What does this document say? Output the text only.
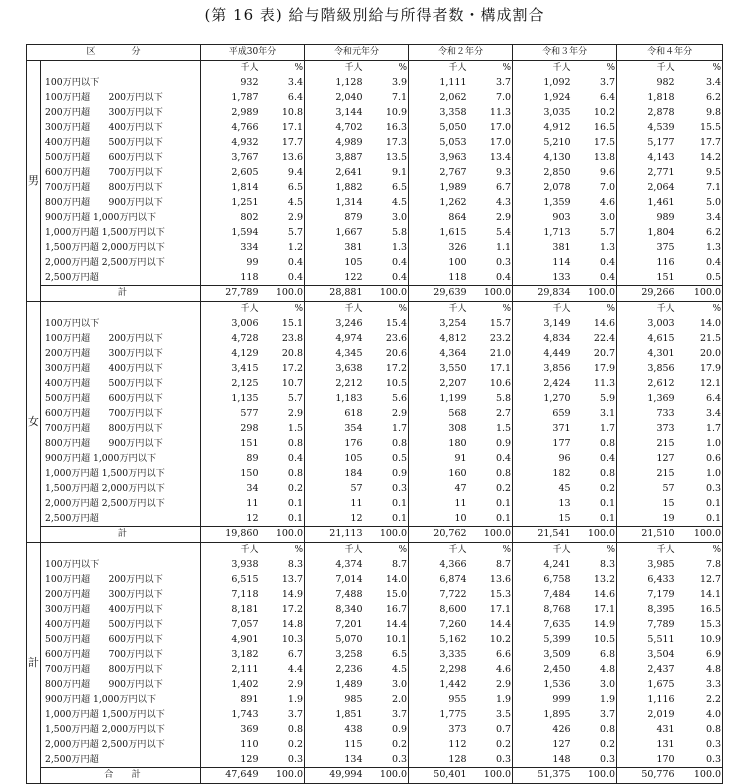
(第 16 表) 給与階級別給与所得者数・構成割合
区　　　　分		平成30年分		令和元年分		令和２年分		令和３年分		令和４年分	
男		千人	%	千人	%	千人	%	千人	%	千人	%
	100万円以下	932	3.4	1,128	3.9	1,111	3.7	1,092	3.7	982	3.4
	100万円超　　200万円以下	1,787	6.4	2,040	7.1	2,062	7.0	1,924	6.4	1,818	6.2
	200万円超　　300万円以下	2,989	10.8	3,144	10.9	3,358	11.3	3,035	10.2	2,878	9.8
	300万円超　　400万円以下	4,766	17.1	4,702	16.3	5,050	17.0	4,912	16.5	4,539	15.5
	400万円超　　500万円以下	4,932	17.7	4,989	17.3	5,053	17.0	5,210	17.5	5,177	17.7
	500万円超　　600万円以下	3,767	13.6	3,887	13.5	3,963	13.4	4,130	13.8	4,143	14.2
	600万円超　　700万円以下	2,605	9.4	2,641	9.1	2,767	9.3	2,850	9.6	2,771	9.5
	700万円超　　800万円以下	1,814	6.5	1,882	6.5	1,989	6.7	2,078	7.0	2,064	7.1
	800万円超　　900万円以下	1,251	4.5	1,314	4.5	1,262	4.3	1,359	4.6	1,461	5.0
	900万円超 1,000万円以下	802	2.9	879	3.0	864	2.9	903	3.0	989	3.4
	1,000万円超 1,500万円以下	1,594	5.7	1,667	5.8	1,615	5.4	1,713	5.7	1,804	6.2
	1,500万円超 2,000万円以下	334	1.2	381	1.3	326	1.1	381	1.3	375	1.3
	2,000万円超 2,500万円以下	99	0.4	105	0.4	100	0.3	114	0.4	116	0.4
	2,500万円超	118	0.4	122	0.4	118	0.4	133	0.4	151	0.5
	計	27,789	100.0	28,881	100.0	29,639	100.0	29,834	100.0	29,266	100.0
女		千人	%	千人	%	千人	%	千人	%	千人	%
	100万円以下	3,006	15.1	3,246	15.4	3,254	15.7	3,149	14.6	3,003	14.0
	100万円超　　200万円以下	4,728	23.8	4,974	23.6	4,812	23.2	4,834	22.4	4,615	21.5
	200万円超　　300万円以下	4,129	20.8	4,345	20.6	4,364	21.0	4,449	20.7	4,301	20.0
	300万円超　　400万円以下	3,415	17.2	3,638	17.2	3,550	17.1	3,856	17.9	3,856	17.9
	400万円超　　500万円以下	2,125	10.7	2,212	10.5	2,207	10.6	2,424	11.3	2,612	12.1
	500万円超　　600万円以下	1,135	5.7	1,183	5.6	1,199	5.8	1,270	5.9	1,369	6.4
	600万円超　　700万円以下	577	2.9	618	2.9	568	2.7	659	3.1	733	3.4
	700万円超　　800万円以下	298	1.5	354	1.7	308	1.5	371	1.7	373	1.7
	800万円超　　900万円以下	151	0.8	176	0.8	180	0.9	177	0.8	215	1.0
	900万円超 1,000万円以下	89	0.4	105	0.5	91	0.4	96	0.4	127	0.6
	1,000万円超 1,500万円以下	150	0.8	184	0.9	160	0.8	182	0.8	215	1.0
	1,500万円超 2,000万円以下	34	0.2	57	0.3	47	0.2	45	0.2	57	0.3
	2,000万円超 2,500万円以下	11	0.1	11	0.1	11	0.1	13	0.1	15	0.1
	2,500万円超	12	0.1	12	0.1	10	0.1	15	0.1	19	0.1
	計	19,860	100.0	21,113	100.0	20,762	100.0	21,541	100.0	21,510	100.0
計		千人	%	千人	%	千人	%	千人	%	千人	%
	100万円以下	3,938	8.3	4,374	8.7	4,366	8.7	4,241	8.3	3,985	7.8
	100万円超　　200万円以下	6,515	13.7	7,014	14.0	6,874	13.6	6,758	13.2	6,433	12.7
	200万円超　　300万円以下	7,118	14.9	7,488	15.0	7,722	15.3	7,484	14.6	7,179	14.1
	300万円超　　400万円以下	8,181	17.2	8,340	16.7	8,600	17.1	8,768	17.1	8,395	16.5
	400万円超　　500万円以下	7,057	14.8	7,201	14.4	7,260	14.4	7,635	14.9	7,789	15.3
	500万円超　　600万円以下	4,901	10.3	5,070	10.1	5,162	10.2	5,399	10.5	5,511	10.9
	600万円超　　700万円以下	3,182	6.7	3,258	6.5	3,335	6.6	3,509	6.8	3,504	6.9
	700万円超　　800万円以下	2,111	4.4	2,236	4.5	2,298	4.6	2,450	4.8	2,437	4.8
	800万円超　　900万円以下	1,402	2.9	1,489	3.0	1,442	2.9	1,536	3.0	1,675	3.3
	900万円超 1,000万円以下	891	1.9	985	2.0	955	1.9	999	1.9	1,116	2.2
	1,000万円超 1,500万円以下	1,743	3.7	1,851	3.7	1,775	3.5	1,895	3.7	2,019	4.0
	1,500万円超 2,000万円以下	369	0.8	438	0.9	373	0.7	426	0.8	431	0.8
	2,000万円超 2,500万円以下	110	0.2	115	0.2	112	0.2	127	0.2	131	0.3
	2,500万円超	129	0.3	134	0.3	128	0.3	148	0.3	170	0.3
	合　　計	47,649	100.0	49,994	100.0	50,401	100.0	51,375	100.0	50,776	100.0
